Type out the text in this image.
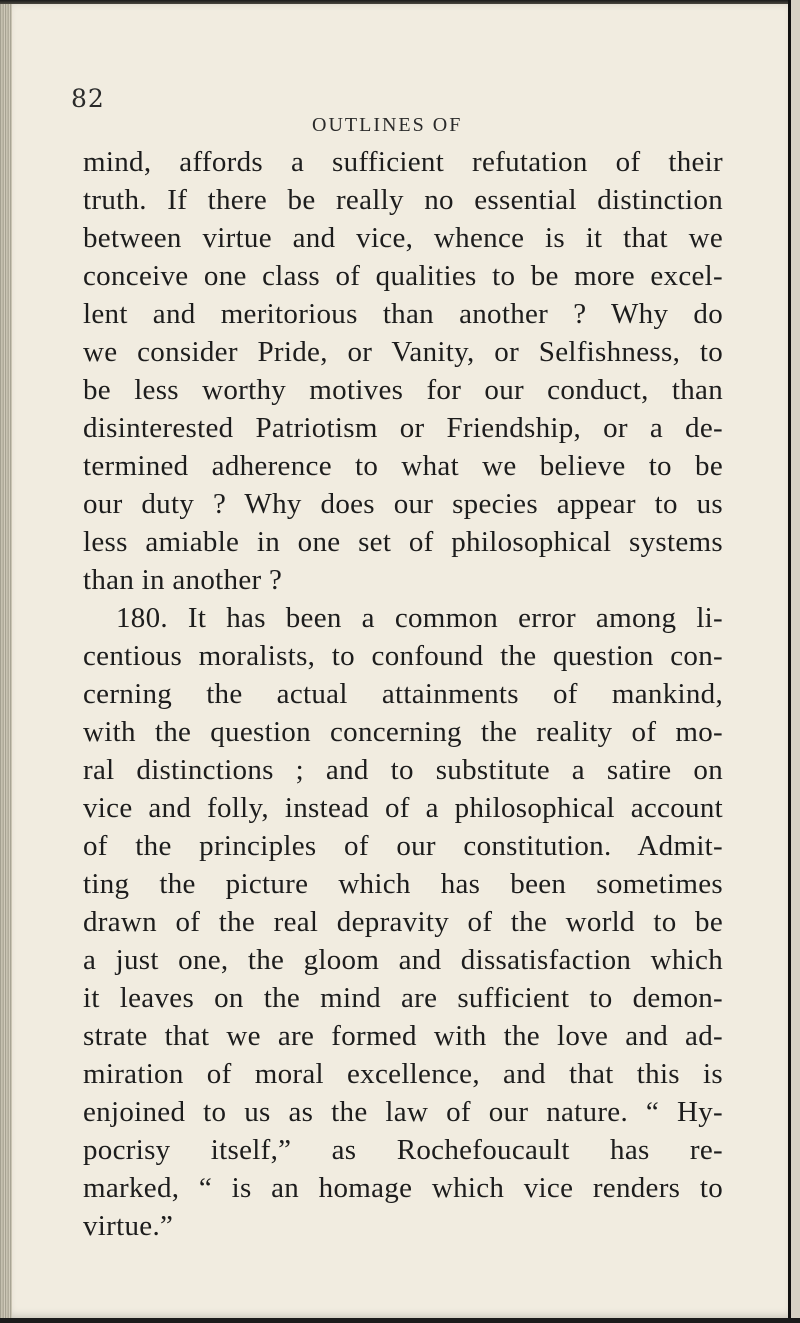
82
OUTLINES OF
mind, affords a sufficient refutation of their
truth. If there be really no essential distinction
between virtue and vice, whence is it that we
conceive one class of qualities to be more excel-
lent and meritorious than another ? Why do
we consider Pride, or Vanity, or Selfishness, to
be less worthy motives for our conduct, than
disinterested Patriotism or Friendship, or a de-
termined adherence to what we believe to be
our duty ? Why does our species appear to us
less amiable in one set of philosophical systems
than in another ?
180. It has been a common error among li-
centious moralists, to confound the question con-
cerning the actual attainments of mankind,
with the question concerning the reality of mo-
ral distinctions ; and to substitute a satire on
vice and folly, instead of a philosophical account
of the principles of our constitution. Admit-
ting the picture which has been sometimes
drawn of the real depravity of the world to be
a just one, the gloom and dissatisfaction which
it leaves on the mind are sufficient to demon-
strate that we are formed with the love and ad-
miration of moral excellence, and that this is
enjoined to us as the law of our nature. “ Hy-
pocrisy itself,” as Rochefoucault has re-
marked, “ is an homage which vice renders to
virtue.”
